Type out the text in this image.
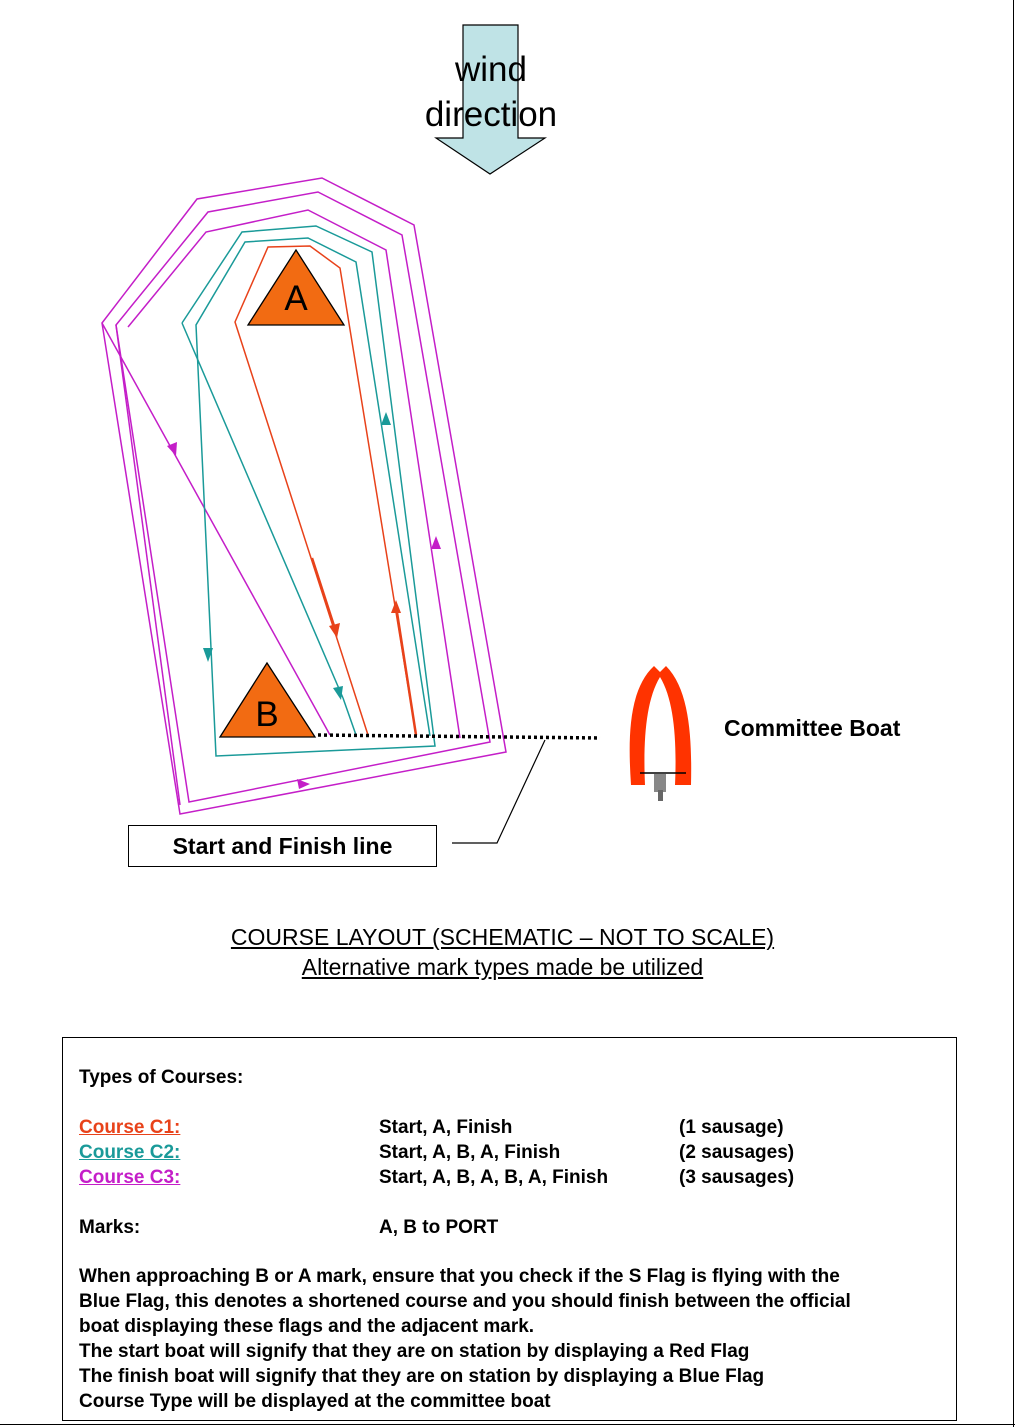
wind
direction
A
B	Committee Boat
Start and Finish line
COURSE LAYOUT (SCHEMATIC – NOT TO SCALE)
Alternative mark types made be utilized
Types of Courses:
Course C1:	Start, A, Finish	(1 sausage)
Course C2:	Start, A, B, A, Finish	(2 sausages)
Course C3:	Start, A, B, A, B, A, Finish	(3 sausages)
Marks:	A, B to PORT
When approaching B or A mark, ensure that you check if the S Flag is flying with the
Blue Flag, this denotes a shortened course and you should finish between the official
boat displaying these flags and the adjacent mark.
The start boat will signify that they are on station by displaying a Red Flag
The finish boat will signify that they are on station by displaying a Blue Flag
Course Type will be displayed at the committee boat
